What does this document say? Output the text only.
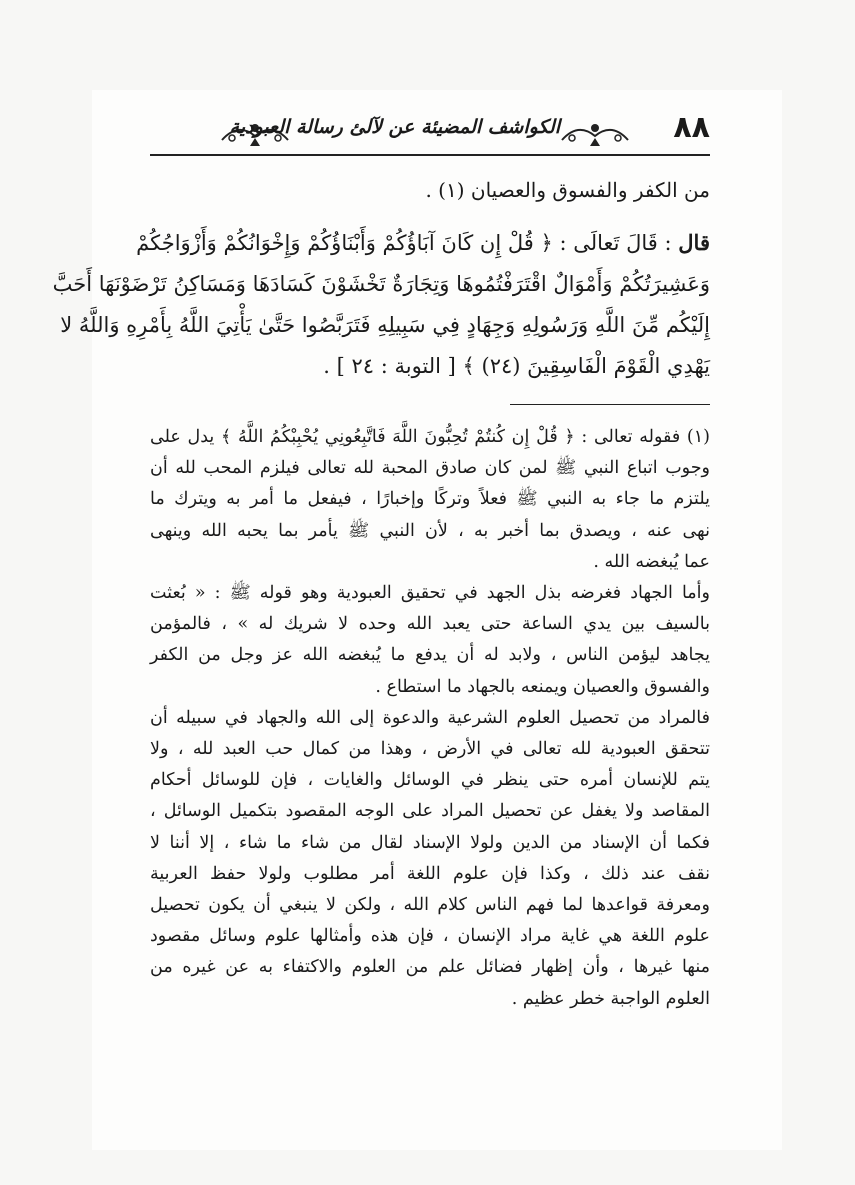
٨٨
الكواشف المضيئة عن لآلئ رسالة العبودية
من الكفر والفسوق والعصيان (١) .
قال : قَالَ تَعالَى : ﴿ قُلْ إِن كَانَ آبَاؤُكُمْ وَأَبْنَاؤُكُمْ وَإِخْوَانُكُمْ وَأَزْوَاجُكُمْ
وَعَشِيرَتُكُمْ وَأَمْوَالٌ اقْتَرَفْتُمُوهَا وَتِجَارَةٌ تَخْشَوْنَ كَسَادَهَا وَمَسَاكِنُ تَرْضَوْنَهَا أَحَبَّ
إِلَيْكُم مِّنَ اللَّهِ وَرَسُولِهِ وَجِهَادٍ فِي سَبِيلِهِ فَتَرَبَّصُوا حَتَّىٰ يَأْتِيَ اللَّهُ بِأَمْرِهِ وَاللَّهُ لا
يَهْدِي الْقَوْمَ الْفَاسِقِينَ (٢٤) ﴾ [ التوبة : ٢٤ ] .
(١) فقوله تعالى : ﴿ قُلْ إِن كُنتُمْ تُحِبُّونَ اللَّهَ فَاتَّبِعُونِي يُحْبِبْكُمُ اللَّهُ ﴾ يدل على
وجوب اتباع النبي ﷺ لمن كان صادق المحبة لله تعالى فيلزم المحب لله أن
يلتزم ما جاء به النبي ﷺ فعلاً وتركًا وإخبارًا ، فيفعل ما أمر به ويترك ما
نهى عنه ، ويصدق بما أخبر به ، لأن النبي ﷺ يأمر بما يحبه الله وينهى
عما يُبغضه الله .
وأما الجهاد فغرضه بذل الجهد في تحقيق العبودية وهو قوله ﷺ : « بُعثت
بالسيف بين يدي الساعة حتى يعبد الله وحده لا شريك له » ، فالمؤمن
يجاهد ليؤمن الناس ، ولابد له أن يدفع ما يُبغضه الله عز وجل من الكفر
والفسوق والعصيان ويمنعه بالجهاد ما استطاع .
فالمراد من تحصيل العلوم الشرعية والدعوة إلى الله والجهاد في سبيله أن
تتحقق العبودية لله تعالى في الأرض ، وهذا من كمال حب العبد لله ، ولا
يتم للإنسان أمره حتى ينظر في الوسائل والغايات ، فإن للوسائل أحكام
المقاصد ولا يغفل عن تحصيل المراد على الوجه المقصود بتكميل الوسائل ،
فكما أن الإسناد من الدين ولولا الإسناد لقال من شاء ما شاء ، إلا أننا لا
نقف عند ذلك ، وكذا فإن علوم اللغة أمر مطلوب ولولا حفظ العربية
ومعرفة قواعدها لما فهم الناس كلام الله ، ولكن لا ينبغي أن يكون تحصيل
علوم اللغة هي غاية مراد الإنسان ، فإن هذه وأمثالها علوم وسائل مقصود
منها غيرها ، وأن إظهار فضائل علم من العلوم والاكتفاء به عن غيره من
العلوم الواجبة خطر عظيم .
